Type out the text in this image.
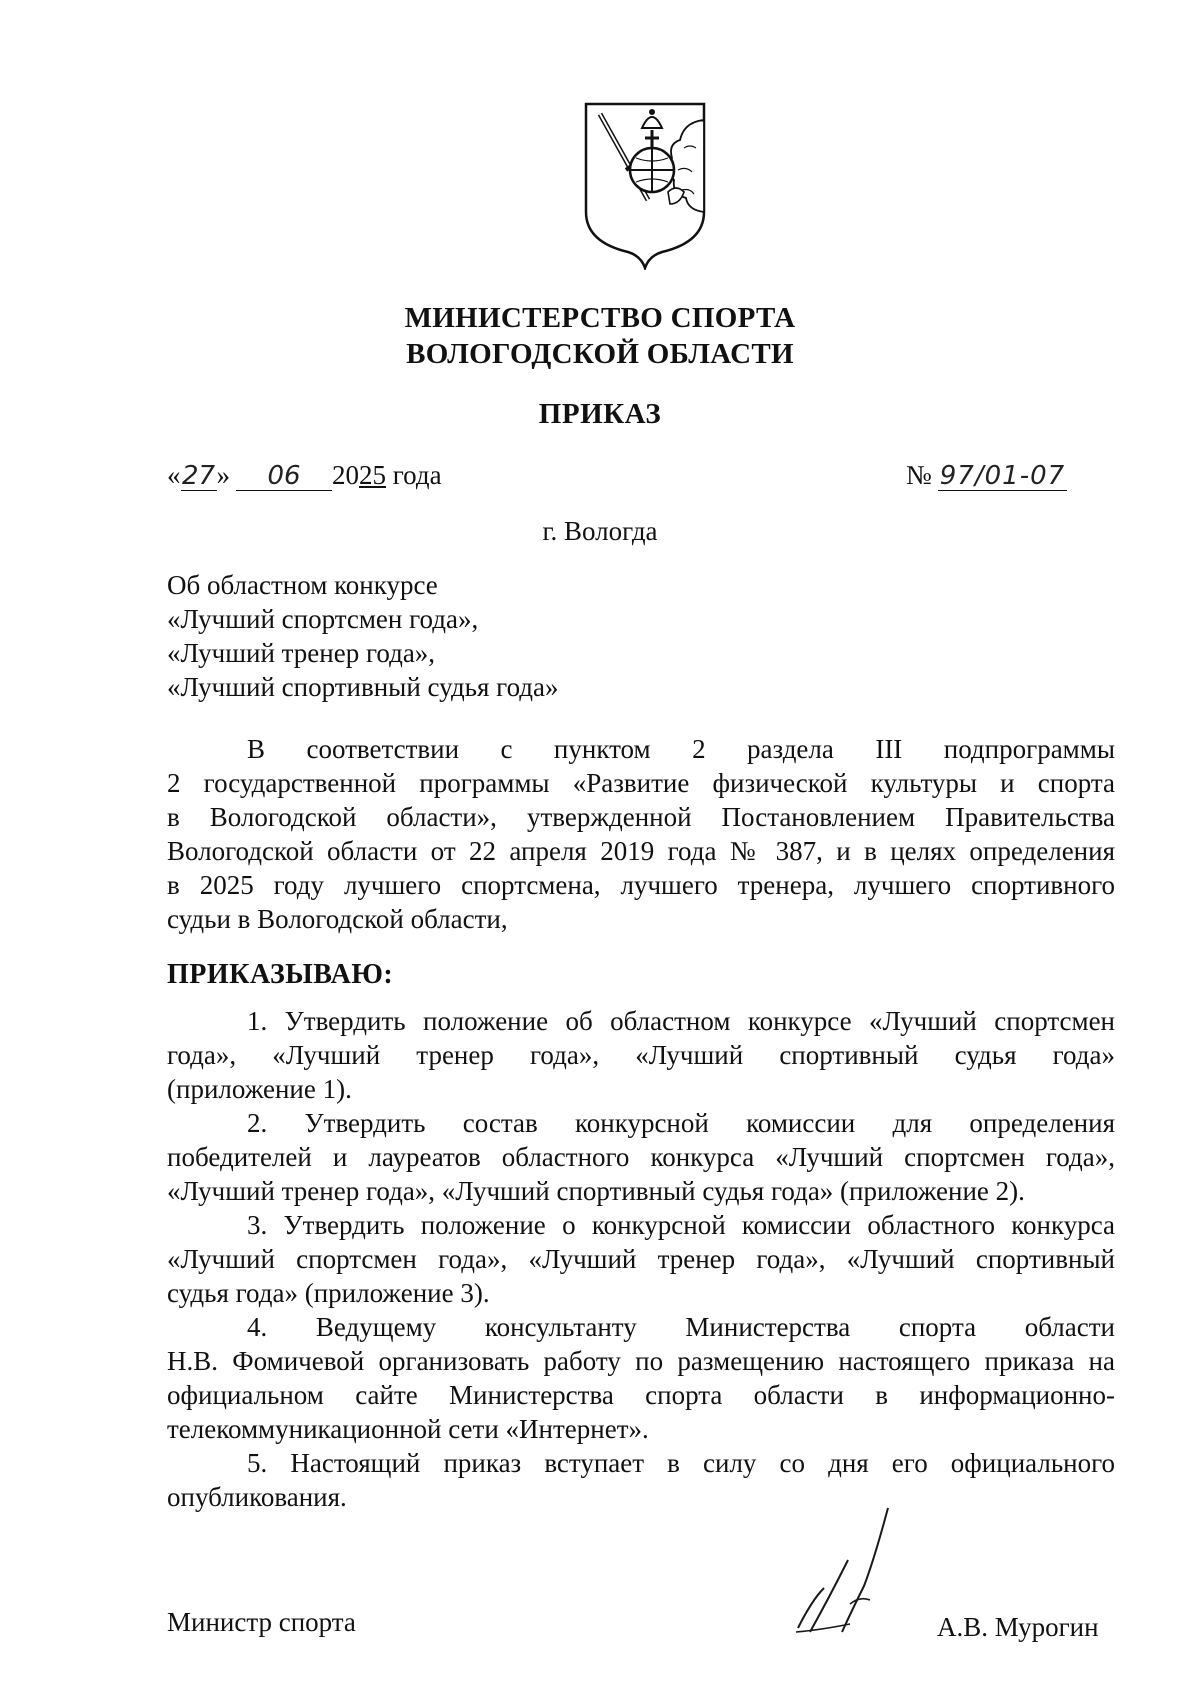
МИНИСТЕРСТВО СПОРТА
ВОЛОГОДСКОЙ ОБЛАСТИ
ПРИКАЗ
«27» 06 2025 года	№ 97/01-07
г. Вологда
Об областном конкурсе
«Лучший спортсмен года»,
«Лучший тренер года»,
«Лучший спортивный судья года»
В соответствии с пунктом 2 раздела III подпрограммы
2 государственной программы «Развитие физической культуры и спорта
в Вологодской области», утвержденной Постановлением Правительства
Вологодской области от 22 апреля 2019 года № 387, и в целях определения
в 2025 году лучшего спортсмена, лучшего тренера, лучшего спортивного
судьи в Вологодской области,
ПРИКАЗЫВАЮ:
1. Утвердить положение об областном конкурсе «Лучший спортсмен
года», «Лучший тренер года», «Лучший спортивный судья года»
(приложение 1).
2. Утвердить состав конкурсной комиссии для определения
победителей и лауреатов областного конкурса «Лучший спортсмен года»,
«Лучший тренер года», «Лучший спортивный судья года» (приложение 2).
3. Утвердить положение о конкурсной комиссии областного конкурса
«Лучший спортсмен года», «Лучший тренер года», «Лучший спортивный
судья года» (приложение 3).
4. Ведущему консультанту Министерства спорта области
Н.В. Фомичевой организовать работу по размещению настоящего приказа на
официальном сайте Министерства спорта области в информационно-
телекоммуникационной сети «Интернет».
5. Настоящий приказ вступает в силу со дня его официального
опубликования.
Министр спорта	А.В. Мурогин
